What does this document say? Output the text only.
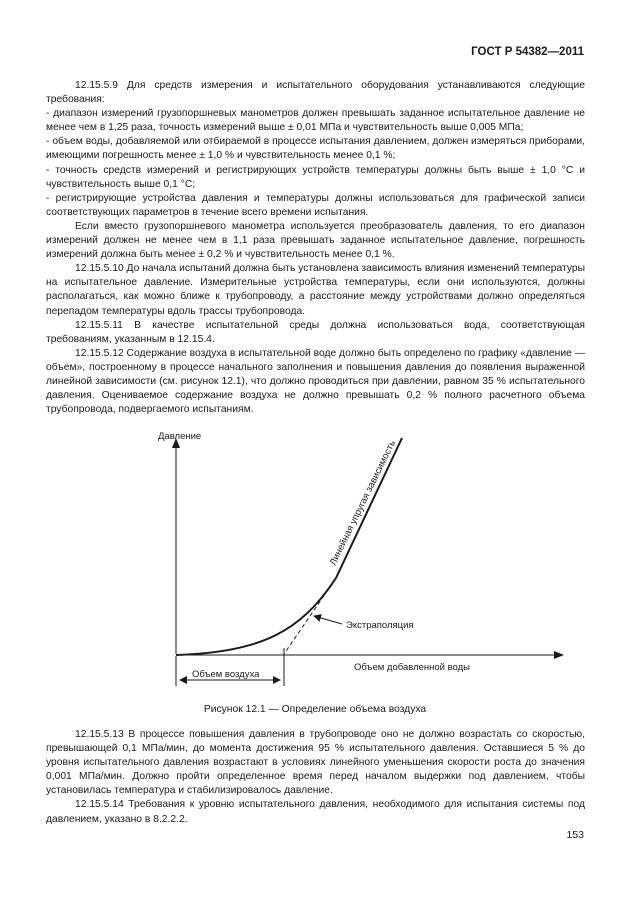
ГОСТ Р 54382—2011

12.15.5.9 Для средств измерения и испытательного оборудования устанавливаются следующие требования:

- диапазон измерений грузопоршневых манометров должен превышать заданное испытательное давление не менее чем в 1,25 раза, точность измерений выше ± 0,01 МПа и чувствительность выше 0,005 МПа;

- объем воды, добавляемой или отбираемой в процессе испытания давлением, должен измеряться приборами, имеющими погрешность менее ± 1,0 % и чувствительность менее 0,1 %;

- точность средств измерений и регистрирующих устройств температуры должны быть выше ± 1,0 °С и чувствительность выше 0,1 °С;

- регистрирующие устройства давления и температуры должны использоваться для графической записи соответствующих параметров в течение всего времени испытания.

Если вместо грузопоршневого манометра используется преобразователь давления, то его диапазон измерений должен не менее чем в 1,1 раза превышать заданное испытательное давление, погрешность измерений должна быть менее ± 0,2 % и чувствительность менее 0,1 %.

12.15.5.10 До начала испытаний должна быть установлена зависимость влияния изменений температуры на испытательное давление. Измерительные устройства температуры, если они используются, должны располагаться, как можно ближе к трубопроводу, а расстояние между устройствами должно определяться перепадом температуры вдоль трассы трубопровода.

12.15.5.11 В качестве испытательной среды должна использоваться вода, соответствующая требованиям, указанным в 12.15.4.

12.15.5.12 Содержание воздуха в испытательной воде должно быть определено по графику «давление — объем», построенному в процессе начального заполнения и повышения давления до появления выраженной линейной зависимости (см. рисунок 12.1), что должно проводиться при давлении, равном 35 % испытательного давления. Оцениваемое содержание воздуха не должно превышать 0,2 % полного расчетного объема трубопровода, подвергаемого испытаниям.

Давление
Объем добавленной воды
Экстраполяция
Объем воздуха
Линейная упругая зависимость
Рисунок 12.1 — Определение объема воздуха

12.15.5.13 В процессе повышения давления в трубопроводе оно не должно возрастать со скоростью, превышающей 0,1 МПа/мин, до момента достижения 95 % испытательного давления. Оставшиеся 5 % до уровня испытательного давления возрастают в условиях линейного уменьшения скорости роста до значения 0,001 МПа/мин. Должно пройти определенное время перед началом выдержки под давлением, чтобы установилась температура и стабилизировалось давление.

12.15.5.14 Требования к уровню испытательного давления, необходимого для испытания системы под давлением, указано в 8.2.2.2.

153
